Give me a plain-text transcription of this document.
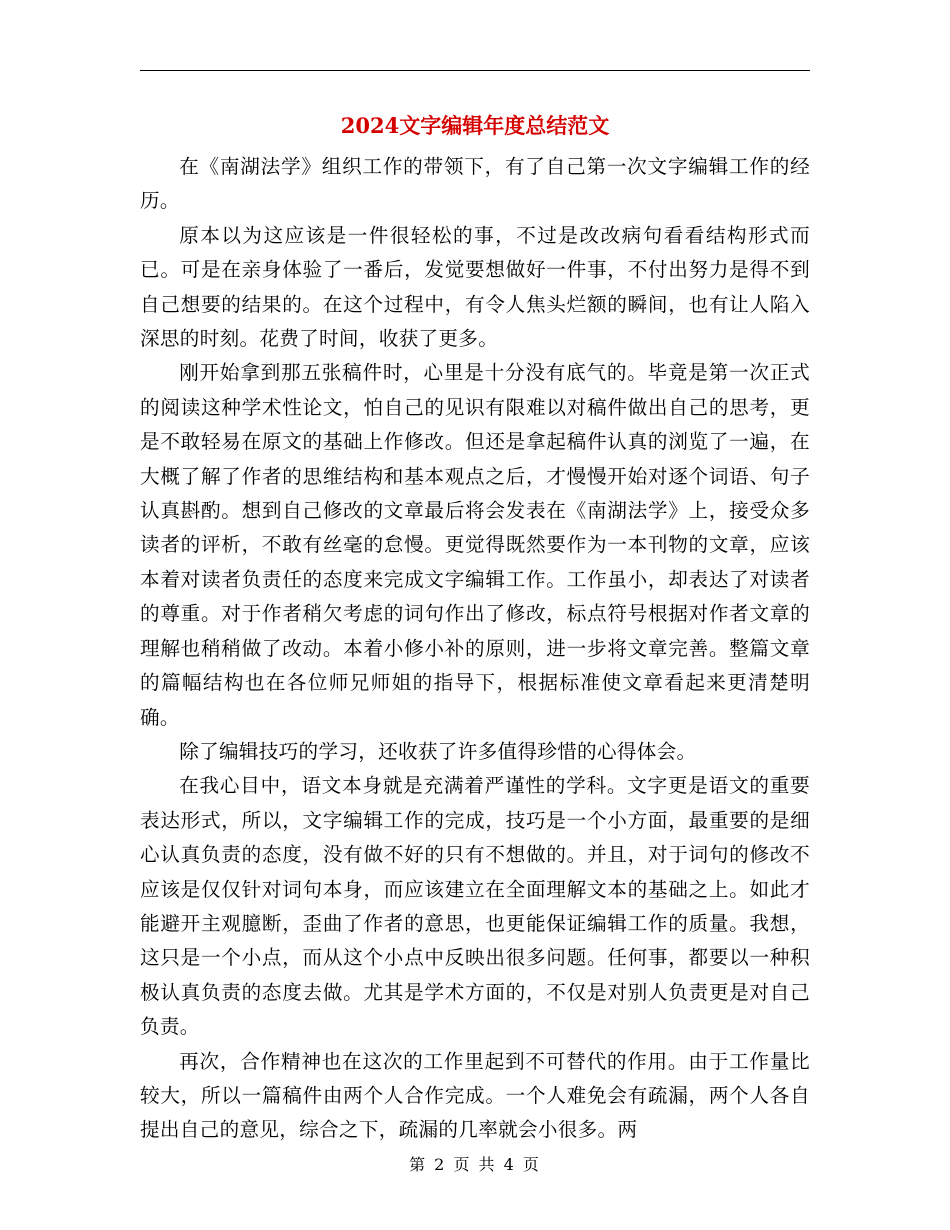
2024文字编辑年度总结范文

在《南湖法学》组织工作的带领下，有了自己第一次文字编辑工作的经历。

原本以为这应该是一件很轻松的事，不过是改改病句看看结构形式而已。可是在亲身体验了一番后，发觉要想做好一件事，不付出努力是得不到自己想要的结果的。在这个过程中，有令人焦头烂额的瞬间，也有让人陷入深思的时刻。花费了时间，收获了更多。

刚开始拿到那五张稿件时，心里是十分没有底气的。毕竟是第一次正式的阅读这种学术性论文，怕自己的见识有限难以对稿件做出自己的思考，更是不敢轻易在原文的基础上作修改。但还是拿起稿件认真的浏览了一遍，在大概了解了作者的思维结构和基本观点之后，才慢慢开始对逐个词语、句子认真斟酌。想到自己修改的文章最后将会发表在《南湖法学》上，接受众多读者的评析，不敢有丝毫的怠慢。更觉得既然要作为一本刊物的文章，应该本着对读者负责任的态度来完成文字编辑工作。工作虽小，却表达了对读者的尊重。对于作者稍欠考虑的词句作出了修改，标点符号根据对作者文章的理解也稍稍做了改动。本着小修小补的原则，进一步将文章完善。整篇文章的篇幅结构也在各位师兄师姐的指导下，根据标准使文章看起来更清楚明确。

除了编辑技巧的学习，还收获了许多值得珍惜的心得体会。

在我心目中，语文本身就是充满着严谨性的学科。文字更是语文的重要表达形式，所以，文字编辑工作的完成，技巧是一个小方面，最重要的是细心认真负责的态度，没有做不好的只有不想做的。并且，对于词句的修改不应该是仅仅针对词句本身，而应该建立在全面理解文本的基础之上。如此才能避开主观臆断，歪曲了作者的意思，也更能保证编辑工作的质量。我想，这只是一个小点，而从这个小点中反映出很多问题。任何事，都要以一种积极认真负责的态度去做。尤其是学术方面的，不仅是对别人负责更是对自己负责。

再次，合作精神也在这次的工作里起到不可替代的作用。由于工作量比较大，所以一篇稿件由两个人合作完成。一个人难免会有疏漏，两个人各自提出自己的意见，综合之下，疏漏的几率就会小很多。两

第 2 页 共 4 页
